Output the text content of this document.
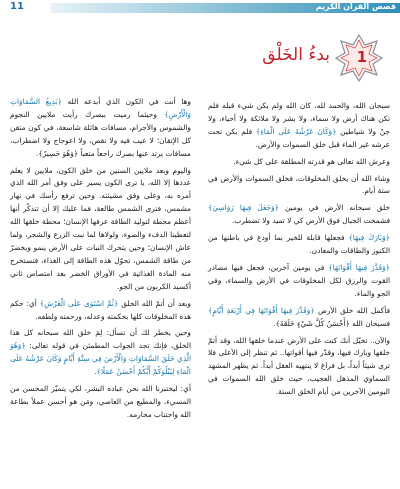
11	قصص القرآن الكريم
بدءُ الخَلْق 1

سبحان الله، والحمد لله، كان الله ولم يكن شيء قبله فلم تكن هناك أرض ولا سماء، ولا بشر ولا ملائكة ولا أحياء، ولا جنٌ ولا شياطين ﴿وَكَانَ عَرْشُهُ عَلَى الْمَاءِ﴾ فلم يكن تحت عرشه غير الماء قبل خلق السموات والأرض.

وعرش الله تعالى هو قدرته المطلقة على كل شيء.

وشاء الله أن يخلق المخلوقات، فخلق السموات والأرض في ستة أيام.

خلق سبحانه الأرض في يومين ﴿وَجَعَلَ فِيهَا رَوَاسِيَ﴾ فشمخت الجبال فوق الأرض كي لا تميد ولا تضطرب.

﴿وَبَارَكَ فِيهَا﴾ فجعلها قابلة للخير بما أودع في باطنها من الكنوز والطاقات والمعادن.

﴿وَقَدَّرَ فِيهَا أَقْوَاتَهَا﴾ في يومين آخرين، فجعل فيها مصادر القوت والرزق لكل المخلوقات في الأرض والسماء، وفي الجو والماء.

فأكمل الله خلق الأرض ﴿وَقَدَّرَ فِيهَا أَقْوَاتَهَا فِي أَرْبَعَةِ أَيَّامٍ﴾ فسبحان الله ﴿أَحْسَنُ كُلَّ شَيْءٍ خَلَقَهُ﴾.

والآن.. تخيّل أنك كنت على الأرض عندما خلقها الله، وقد أتمّ خلقها وبارك فيها، وقدّر فيها أقواتها.. ثم تنظر إلى الأعلى فلا ترى شيئاً أبداً، بل فراغ لا ينتهيه العقل أبداً. ثم يظهر المشهد السماوي المذهل العجيب، حيث خلق الله السموات في اليومين الآخرين من أيام الخلق الستة.

وها أنت في الكون الذي أبدعه الله ﴿بَدِيعُ السَّمَاوَاتِ وَالْأَرْضِ﴾ وحيثما رميت ببصرك رأيت ملايين النجوم والشموس والأجرام، مسافات هائلة شاسعة، في كون متقن كل الإتقان؛ لا عيب فيه ولا نقص، ولا اعوجاج ولا اضطراب، مسافات يرتد عنها بصرك راجعاً متعباً ﴿وَهُوَ حَسِيرٌ﴾.

واليوم وبعد ملايين السنين من خلق الكون، ملايين لا يعلم عددها إلا الله، يا ترى الكون يسير على وفق أمر الله الذي أمره به، وعلى وفق مشيئته. وحين ترفع رأسك في نهار مشمس، فترى الشمس طالعة، فما عليك إلا أن تتذكّر أنها أعظم محطة لتوليد الطاقة عرفها الإنسان؛ محطة خلقها الله لتعطينا الدفء والضوء، ولولاها لما نبت الزرع والشجر، ولما عاش الإنسان؛ وحين يتحرك النبات على الأرض ينمو ويخضرّ من طاقة الشمس، تحوّل هذه الطاقة إلى الغذاء، فتستخرج منه المادة الغذائية في الأوراق الخضر بعد امتصاص ثاني أكسيد الكربون من الجو.

وبعد أن أتمّ الله الخلق ﴿ثُمَّ اسْتَوَى عَلَى الْعَرْشِ﴾ أي: حكم هذه المخلوقات كلها بحكمته وعدله، ورحمته ولطفه.

وحين يخطر لك أن تسأل: لِمَ خلق الله سبحانه كل هذا الخلق، فإنك تجد الجواب المطمئن في قوله تعالى: ﴿وَهُوَ الَّذِي خَلَقَ السَّمَاوَاتِ وَالْأَرْضَ فِي سِتَّةِ أَيَّامٍ وَكَانَ عَرْشُهُ عَلَى الْمَاءِ لِيَبْلُوَكُمْ أَيُّكُمْ أَحْسَنُ عَمَلًا﴾.

أي: ليختبرنا الله نحن عباده البشر، لكي يتميّز المحسن من المسيء، والمطيع من العاصي، ومَن هو أحسن عملاً بطاعة الله واجتناب محارمه.
